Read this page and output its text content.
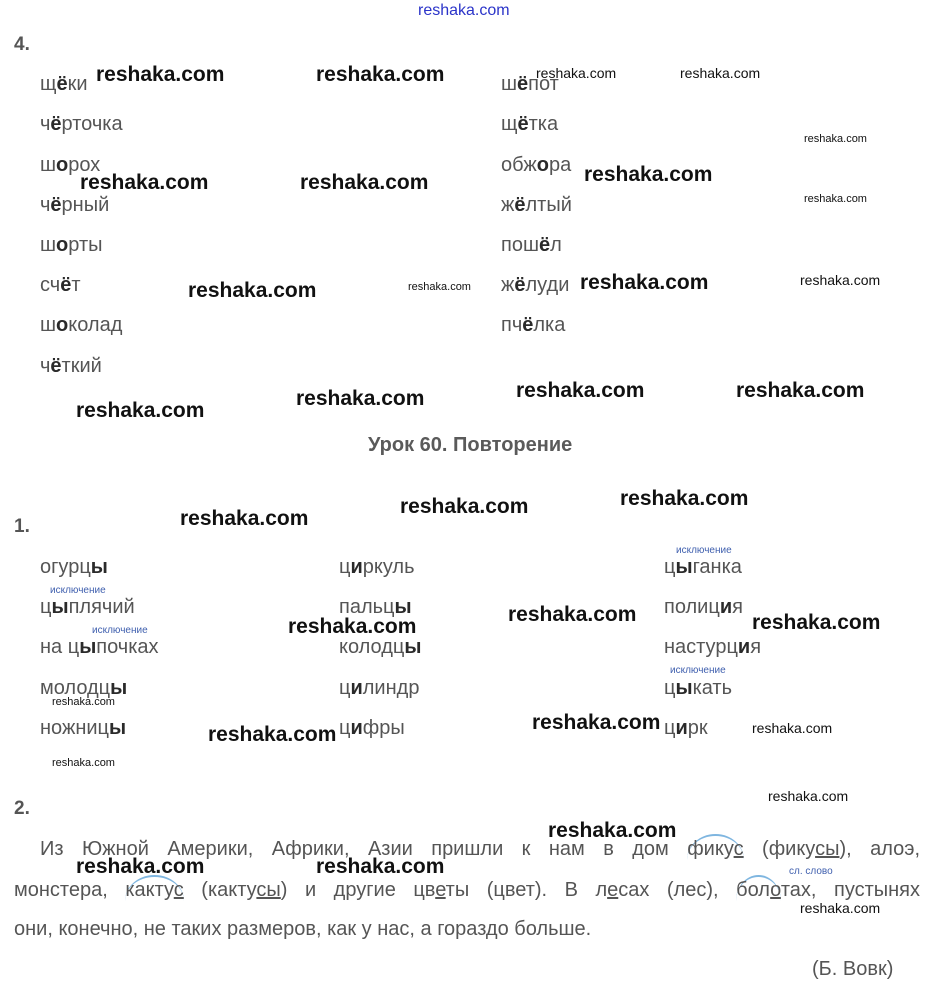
reshaka.com
4.
щёки
чёрточка
шорох
чёрный
шорты
счёт
шоколад
чёткий
шёпот
щётка
обжора
жёлтый
пошёл
жёлуди
пчёлка
Урок 60. Повторение
1.
исключение
исключение
исключение
исключение
огурцы
цыплячий
на цыпочках
молодцы
ножницы
циркуль
пальцы
колодцы
цилиндр
цифры
цыганка
полиция
настурция
цыкать
цирк
2.
Из Южной Америки, Африки, Азии пришли к нам в дом фикус (фикусы), алоэ,
сл. слово
монстера, кактус (кактусы) и другие цветы (цвет). В лесах (лес), болотах, пустынях
они, конечно, не таких размеров, как у нас, а гораздо больше.
(Б. Вовк)
reshaka.com	reshaka.com	reshaka.com	reshaka.com
reshaka.com
reshaka.com	reshaka.com	reshaka.com
reshaka.com
reshaka.com	reshaka.com	reshaka.com	reshaka.com
reshaka.com
reshaka.com	reshaka.com	reshaka.com
reshaka.com
reshaka.com
reshaka.com
reshaka.com
reshaka.com	reshaka.com
reshaka.com
reshaka.com	reshaka.com
reshaka.com
reshaka.com
reshaka.com
reshaka.com
reshaka.com	reshaka.com
reshaka.com
